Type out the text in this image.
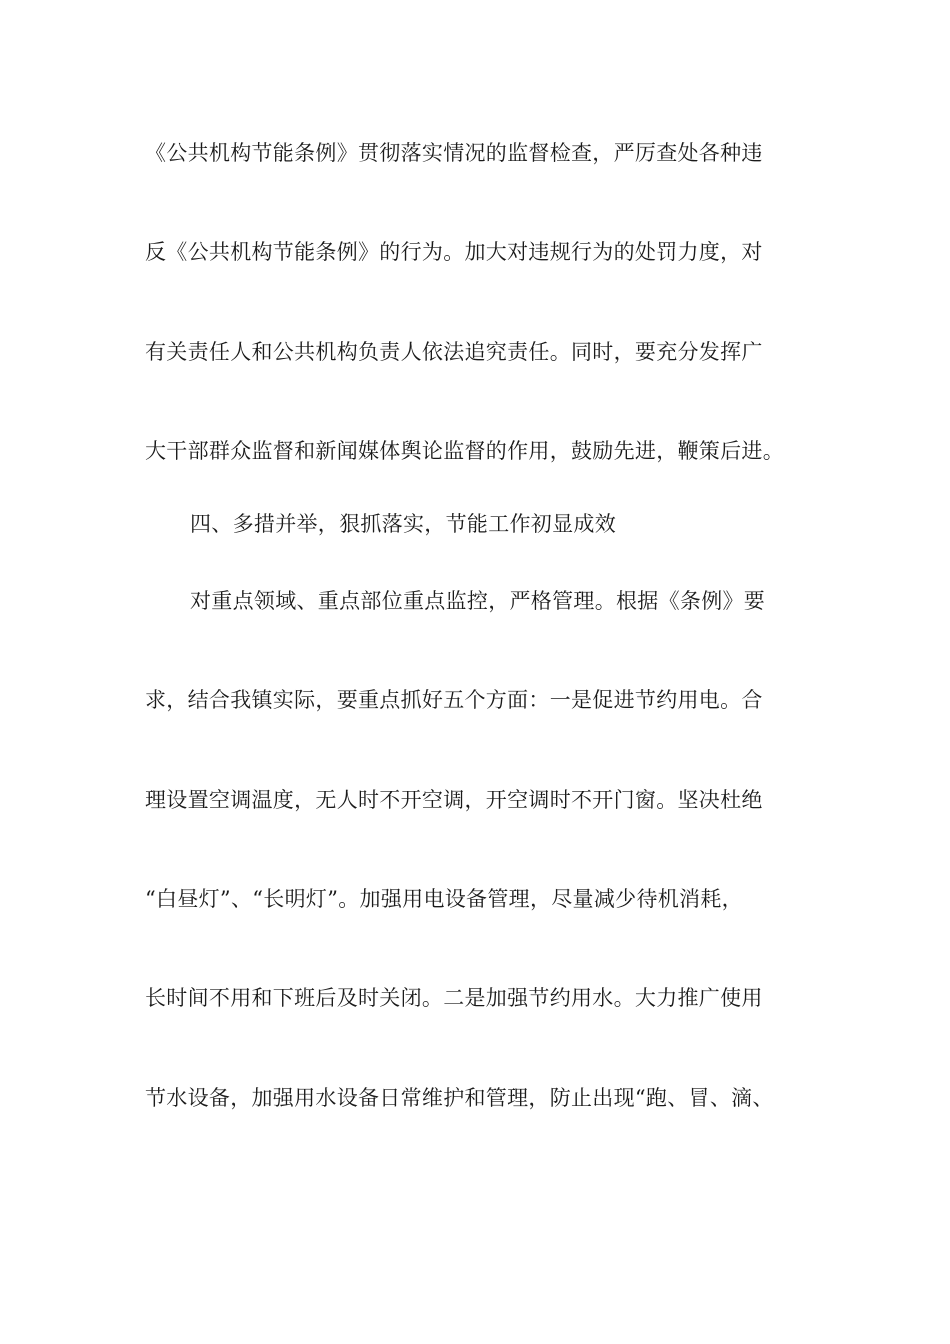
《公共机构节能条例》贯彻落实情况的监督检查，严厉查处各种违
反《公共机构节能条例》的行为。加大对违规行为的处罚力度，对
有关责任人和公共机构负责人依法追究责任。同时，要充分发挥广
大干部群众监督和新闻媒体舆论监督的作用，鼓励先进，鞭策后进。
四、多措并举，狠抓落实，节能工作初显成效
对重点领域、重点部位重点监控，严格管理。根据《条例》要
求，结合我镇实际，要重点抓好五个方面：一是促进节约用电。合
理设置空调温度，无人时不开空调，开空调时不开门窗。坚决杜绝
“白昼灯”、“长明灯”。加强用电设备管理，尽量减少待机消耗，
长时间不用和下班后及时关闭。二是加强节约用水。大力推广使用
节水设备，加强用水设备日常维护和管理，防止出现“跑、冒、滴、
